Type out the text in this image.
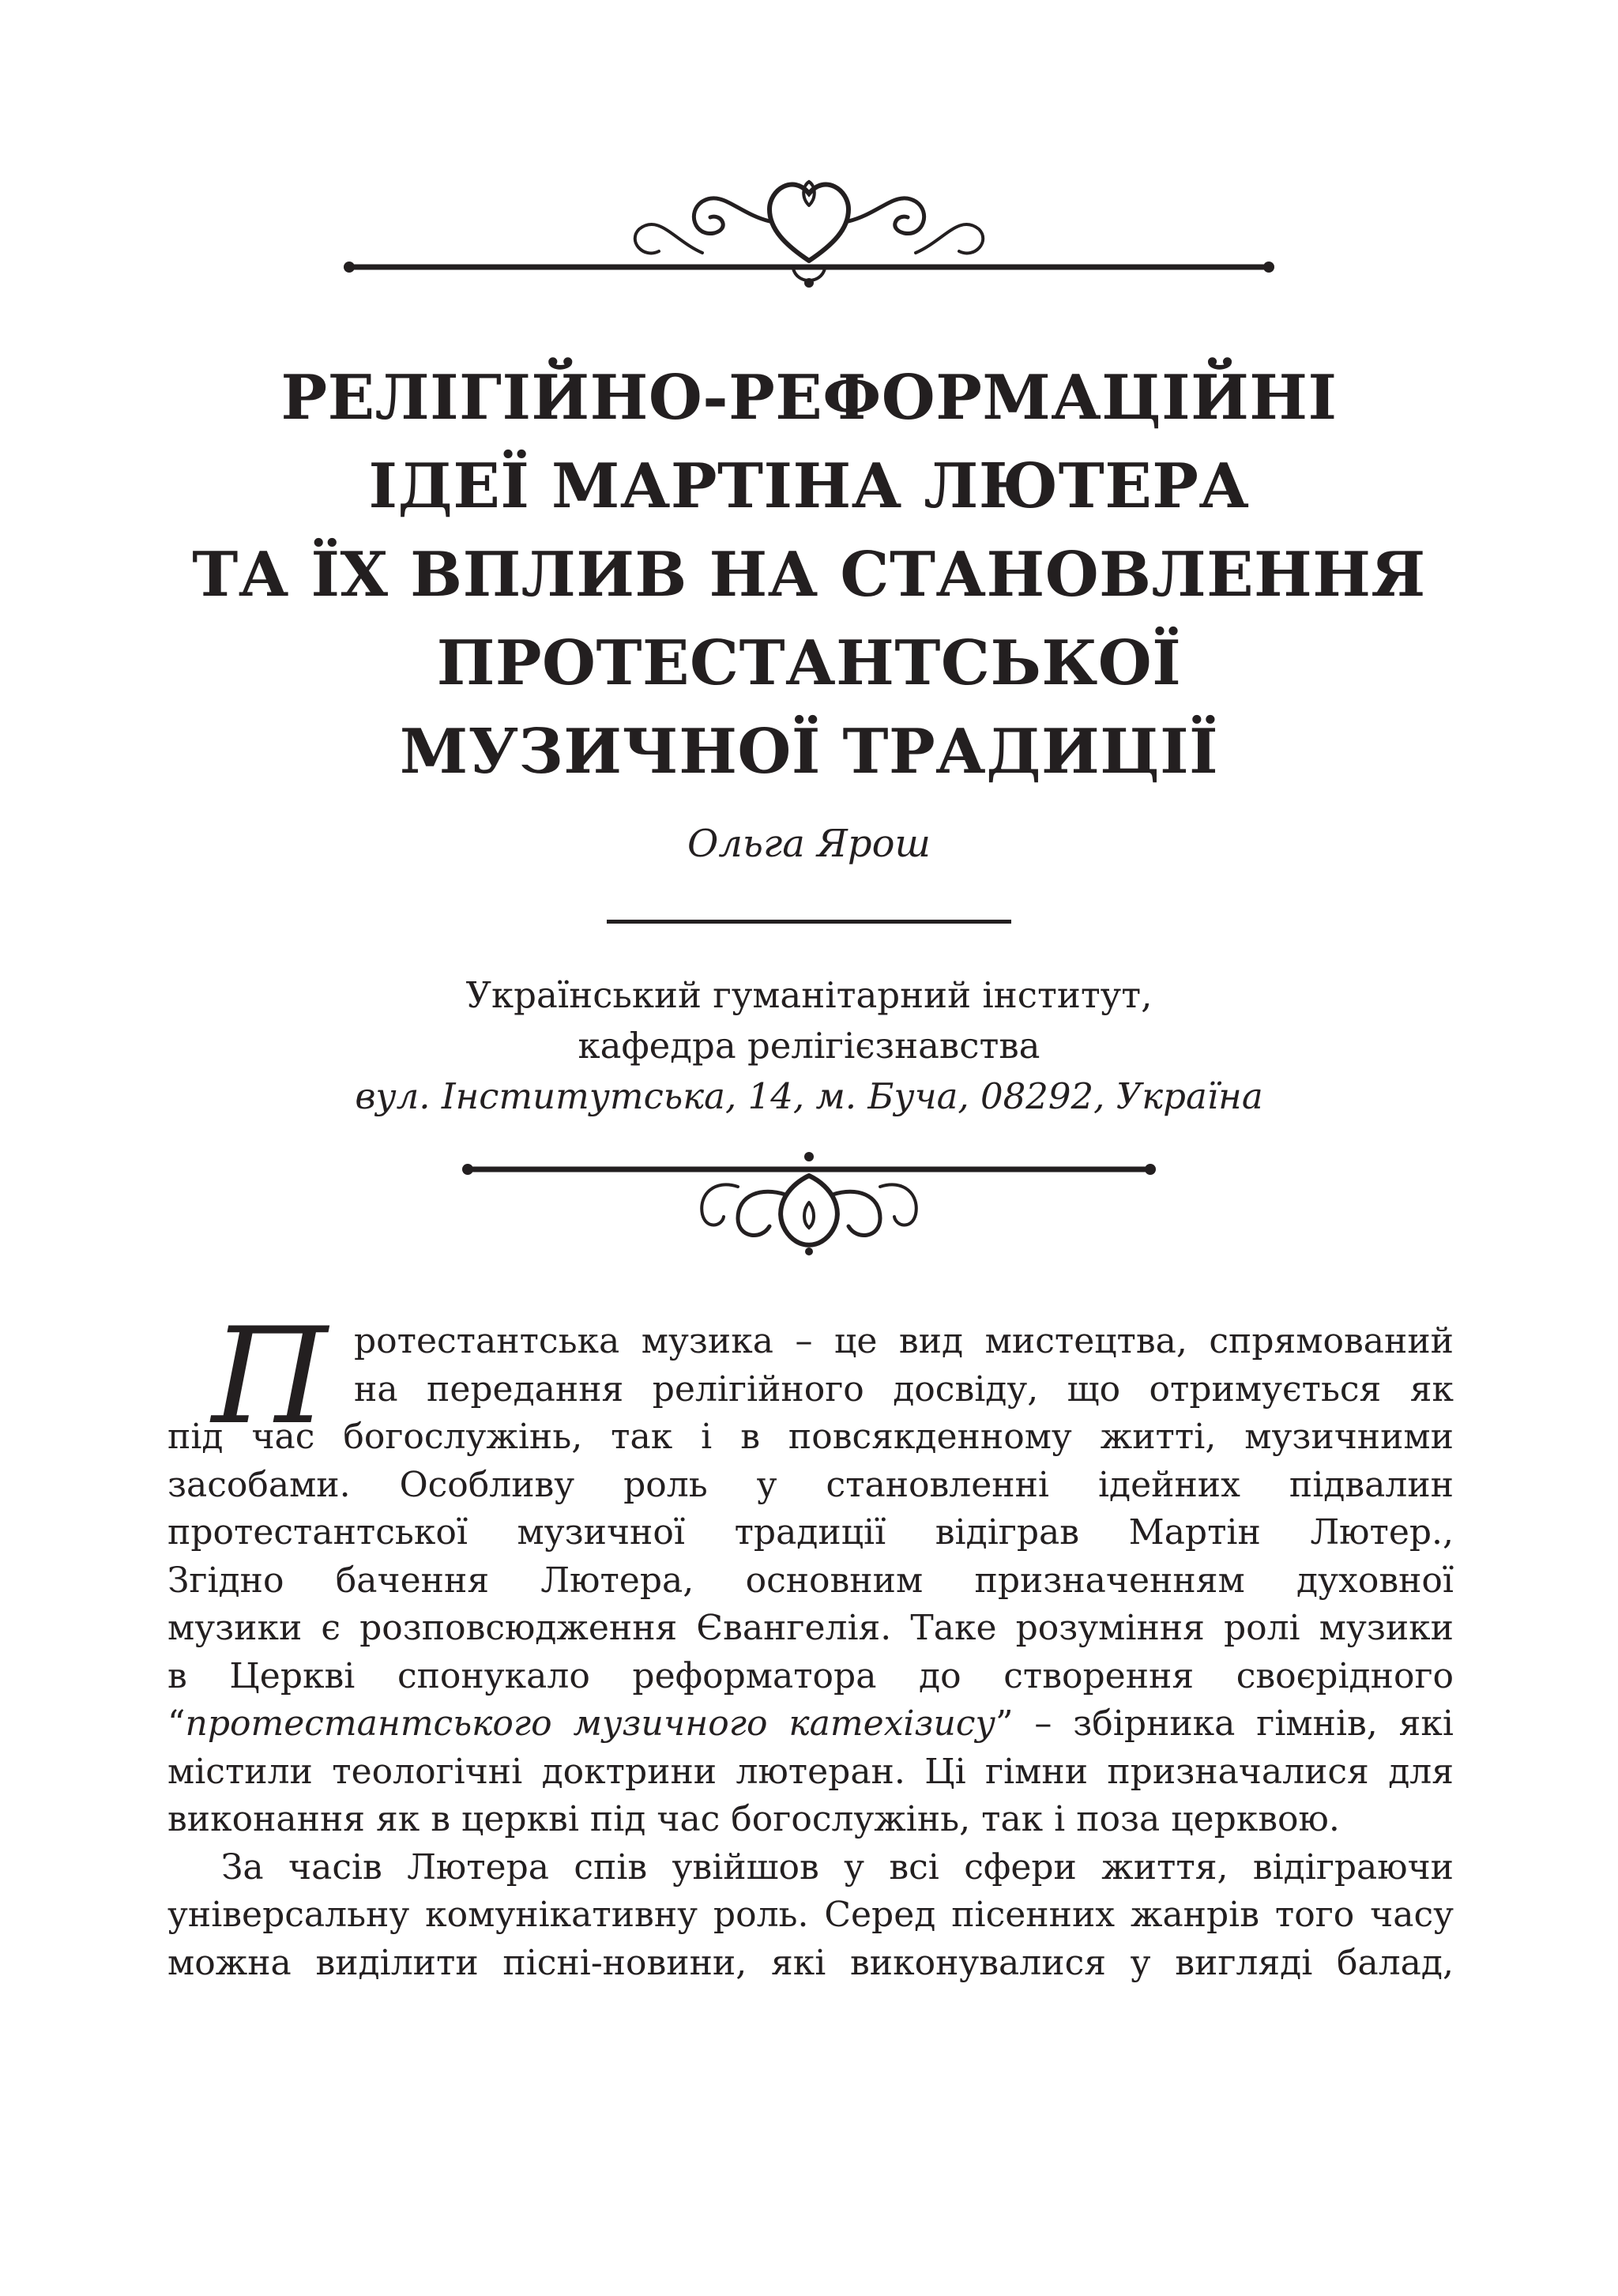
РЕЛІГІЙНО-РЕФОРМАЦІЙНІ
ІДЕЇ МАРТІНА ЛЮТЕРА
ТА ЇХ ВПЛИВ НА СТАНОВЛЕННЯ
ПРОТЕСТАНТСЬКОЇ
МУЗИЧНОЇ ТРАДИЦІЇ
Ольга Ярош
Український гуманітарний інститут,
кафедра релігієзнавства
вул. Інститутська, 14, м. Буча, 08292, Україна
П ротестантська музика – це вид мистецтва, спрямований
на передання релігійного досвіду, що отримується як
під час богослужінь, так і в повсякденному житті, музичними
засобами. Особливу роль у становленні ідейних підвалин
протестантської музичної традиції відіграв Мартін Лютер.,
Згідно бачення Лютера, основним призначенням духовної
музики є розповсюдження Євангелія. Таке розуміння ролі музики
в Церкві спонукало реформатора до створення своєрідного
“протестантського музичного катехізису” – збірника гімнів, які
містили теологічні доктрини лютеран. Ці гімни призначалися для
виконання як в церкві під час богослужінь, так і поза церквою.
За часів Лютера спів увійшов у всі сфери життя, відіграючи
універсальну комунікативну роль. Серед пісенних жанрів того часу
можна виділити пісні-новини, які виконувалися у вигляді балад,
